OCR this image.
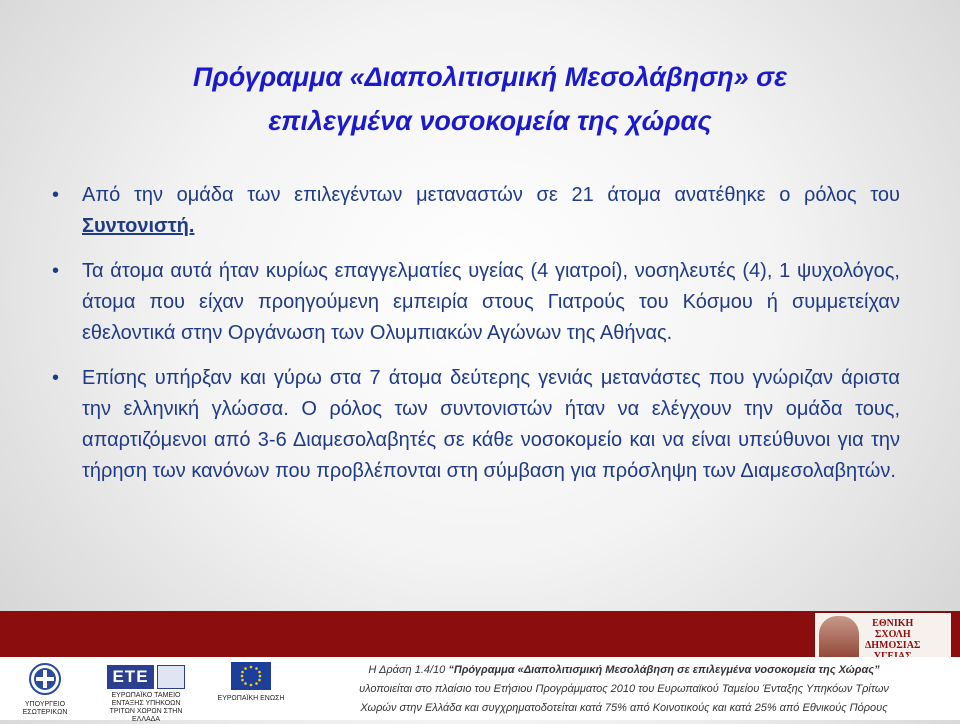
Πρόγραμμα «Διαπολιτισμική Μεσολάβηση» σε
επιλεγμένα νοσοκομεία της χώρας
• Από την ομάδα των επιλεγέντων μεταναστών σε 21 άτομα ανατέθηκε ο ρόλος του Συντονιστή.
• Τα άτομα αυτά ήταν κυρίως επαγγελματίες υγείας (4 γιατροί), νοσηλευτές (4), 1 ψυχολόγος, άτομα που είχαν προηγούμενη εμπειρία στους Γιατρούς του Κόσμου ή συμμετείχαν εθελοντικά στην Οργάνωση των Ολυμπιακών Αγώνων της Αθήνας.
• Επίσης υπήρξαν και γύρω στα 7 άτομα δεύτερης γενιάς μετανάστες που γνώριζαν άριστα την ελληνική γλώσσα. Ο ρόλος των συντονιστών ήταν να ελέγχουν την ομάδα τους, απαρτιζόμενοι από 3-6 Διαμεσολαβητές σε κάθε νοσοκομείο και να είναι υπεύθυνοι για την τήρηση των κανόνων που προβλέπονται στη σύμβαση για πρόσληψη των Διαμεσολαβητών.
ΕΘΝΙΚΗ
ΣΧΟΛΗ
ΔΗΜΟΣΙΑΣ

ΥΠΟΥΡΓΕΙΟ ΕΣΩΤΕΡΙΚΩΝ
ΕΤΕ
ΕΥΡΩΠΑΪΚΟ ΤΑΜΕΙΟ ΕΝΤΑΞΗΣ ΥΠΗΚΟΩΝ ΤΡΙΤΩΝ ΧΩΡΩΝ ΣΤΗΝ ΕΛΛΑΔΑ
ΕΥΡΩΠΑΪΚΗ ΕΝΩΣΗ
Η Δράση 1.4/10 “Πρόγραμμα «Διαπολιτισμική Μεσολάβηση σε επιλεγμένα νοσοκομεία της Χώρας”
υλοποιείται στο πλαίσιο του Ετήσιου Προγράμματος 2010 του Ευρωπαϊκού Ταμείου Ένταξης Υπηκόων Τρίτων
Χωρών στην Ελλάδα και συγχρηματοδοτείται κατά 75% από Κοινοτικούς και κατά 25% από Εθνικούς Πόρους
